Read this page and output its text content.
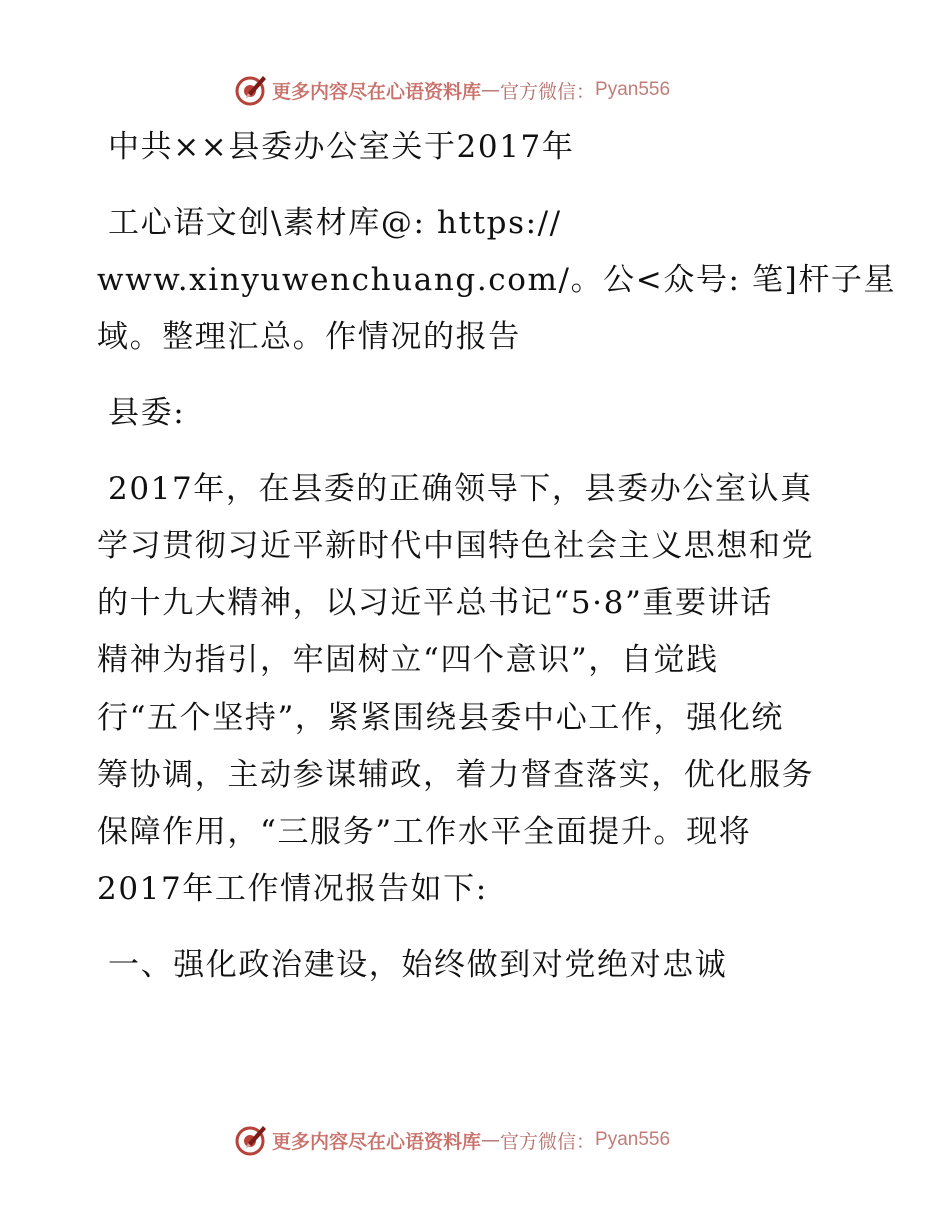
更多内容尽在心语资料库 — 官方微信： Pyan556
中共××县委办公室关于2017年
工心语文创\素材库@: https://
www.xinyuwenchuang.com/。公<众号: 笔]杆子星
域。整理汇总。作情况的报告
县委:
2017年，在县委的正确领导下，县委办公室认真
学习贯彻习近平新时代中国特色社会主义思想和党
的十九大精神，以习近平总书记“5·8”重要讲话
精神为指引，牢固树立“四个意识”，自觉践
行“五个坚持”，紧紧围绕县委中心工作，强化统
筹协调，主动参谋辅政，着力督查落实，优化服务
保障作用，“三服务”工作水平全面提升。现将
2017年工作情况报告如下:
一、强化政治建设，始终做到对党绝对忠诚
更多内容尽在心语资料库 — 官方微信： Pyan556
